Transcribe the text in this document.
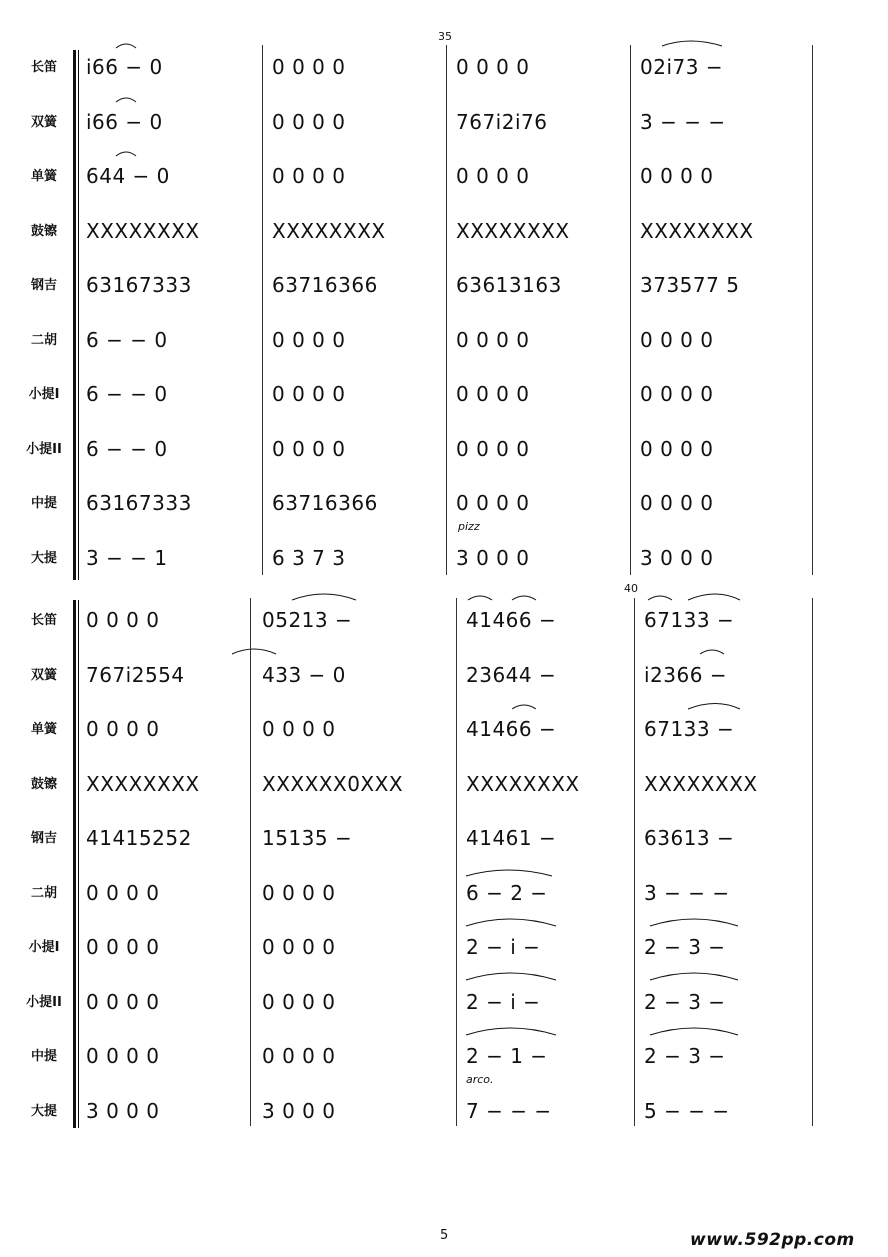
35
长笛	i66 − 0	0 0 0 0	0 0 0 0	02i73 −
双簧	i66 − 0	0 0 0 0	767i2i76	3 − − −
单簧	644 − 0	0 0 0 0	0 0 0 0	0 0 0 0
鼓镲	XXXXXXXX	XXXXXXXX	XXXXXXXX	XXXXXXXX
钢吉	63167333	63716366	63613163	373577 5
二胡	6 − − 0	0 0 0 0	0 0 0 0	0 0 0 0
小提I	6 − − 0	0 0 0 0	0 0 0 0	0 0 0 0
小提II	6 − − 0	0 0 0 0	0 0 0 0	0 0 0 0
中提	63167333	63716366	0 0 0 0	0 0 0 0
pizz
大提	3 − − 1	6 3 7 3	3 0 0 0	3 0 0 0
40
长笛	0 0 0 0	05213 −	41466 −	67133 −
双簧	767i2554	433 − 0	23644 −	i2366 −
单簧	0 0 0 0	0 0 0 0	41466 −	67133 −
鼓镲	XXXXXXXX	XXXXXX0XXX	XXXXXXXX	XXXXXXXX
钢吉	41415252	15135 −	41461 −	63613 −
二胡	0 0 0 0	0 0 0 0	6 − 2 −	3 − − −
小提I	0 0 0 0	0 0 0 0	2 − i −	2 − 3 −
小提II	0 0 0 0	0 0 0 0	2 − i −	2 − 3 −
中提	0 0 0 0	0 0 0 0	2 − 1 −	2 − 3 −
arco.
大提	3 0 0 0	3 0 0 0	7 − − −	5 − − −
5	www.592pp.com
